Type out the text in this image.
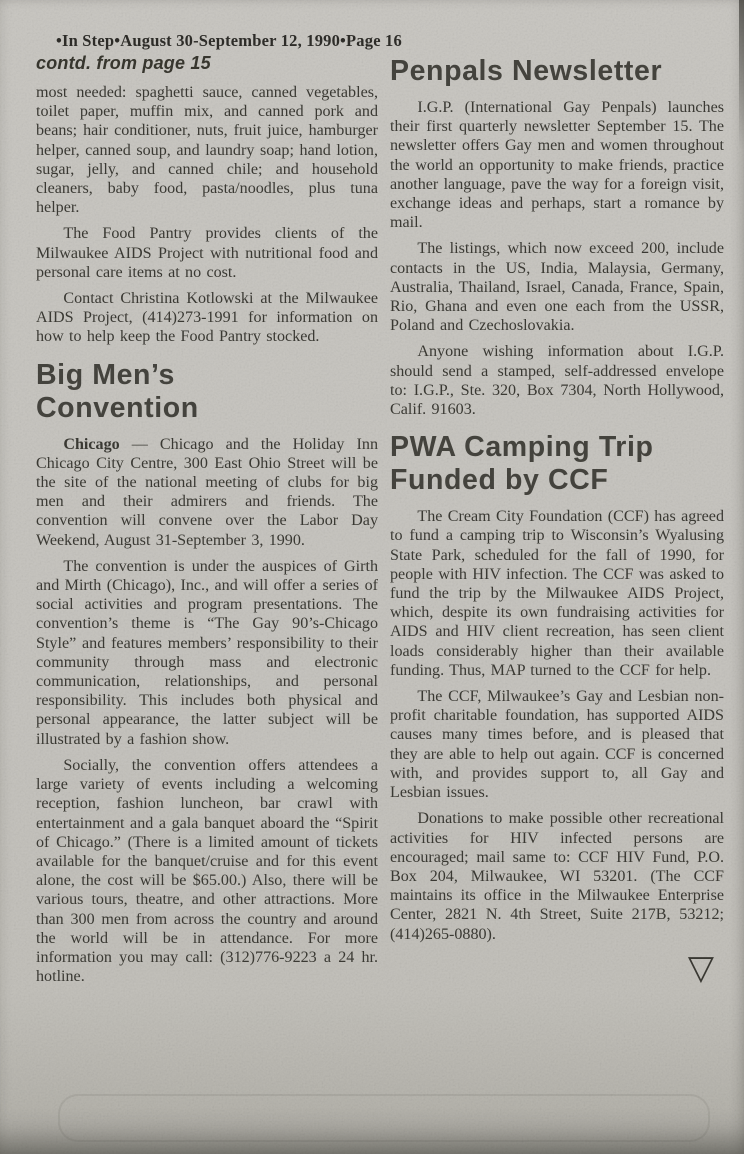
•In Step•August 30-September 12, 1990•Page 16
contd. from page 15

most needed: spaghetti sauce, canned vegetables, toilet paper, muffin mix, and canned pork and beans; hair conditioner, nuts, fruit juice, hamburger helper, canned soup, and laundry soap; hand lotion, sugar, jelly, and canned chile; and household cleaners, baby food, pasta/noodles, plus tuna helper.

The Food Pantry provides clients of the Milwaukee AIDS Project with nutritional food and personal care items at no cost.

Contact Christina Kotlowski at the Milwaukee AIDS Project, (414)273-1991 for information on how to help keep the Food Pantry stocked.

Big Men’s
Convention

Chicago — Chicago and the Holiday Inn Chicago City Centre, 300 East Ohio Street will be the site of the national meeting of clubs for big men and their admirers and friends. The convention will convene over the Labor Day Weekend, August 31-September 3, 1990.

The convention is under the auspices of Girth and Mirth (Chicago), Inc., and will offer a series of social activities and program presentations. The convention’s theme is “The Gay 90’s-Chicago Style” and features members’ responsibility to their community through mass and electronic communication, relationships, and personal responsibility. This includes both physical and personal appearance, the latter subject will be illustrated by a fashion show.

Socially, the convention offers attendees a large variety of events including a welcoming reception, fashion luncheon, bar crawl with entertainment and a gala banquet aboard the “Spirit of Chicago.” (There is a limited amount of tickets available for the banquet/cruise and for this event alone, the cost will be $65.00.) Also, there will be various tours, theatre, and other attractions. More than 300 men from across the country and around the world will be in attendance. For more information you may call: (312)776-9223 a 24 hr. hotline.

Penpals Newsletter

I.G.P. (International Gay Penpals) launches their first quarterly newsletter September 15. The newsletter offers Gay men and women throughout the world an opportunity to make friends, practice another language, pave the way for a foreign visit, exchange ideas and perhaps, start a romance by mail.

The listings, which now exceed 200, include contacts in the US, India, Malaysia, Germany, Australia, Thailand, Israel, Canada, France, Spain, Rio, Ghana and even one each from the USSR, Poland and Czechoslovakia.

Anyone wishing information about I.G.P. should send a stamped, self-addressed envelope to: I.G.P., Ste. 320, Box 7304, North Hollywood, Calif. 91603.

PWA Camping Trip
Funded by CCF

The Cream City Foundation (CCF) has agreed to fund a camping trip to Wisconsin’s Wyalusing State Park, scheduled for the fall of 1990, for people with HIV infection. The CCF was asked to fund the trip by the Milwaukee AIDS Project, which, despite its own fundraising activities for AIDS and HIV client recreation, has seen client loads considerably higher than their available funding. Thus, MAP turned to the CCF for help.

The CCF, Milwaukee’s Gay and Lesbian non-profit charitable foundation, has supported AIDS causes many times before, and is pleased that they are able to help out again. CCF is concerned with, and provides support to, all Gay and Lesbian issues.

Donations to make possible other recreational activities for HIV infected persons are encouraged; mail same to: CCF HIV Fund, P.O. Box 204, Milwaukee, WI 53201. (The CCF maintains its office in the Milwaukee Enterprise Center, 2821 N. 4th Street, Suite 217B, 53212; (414)265-0880).

▽
